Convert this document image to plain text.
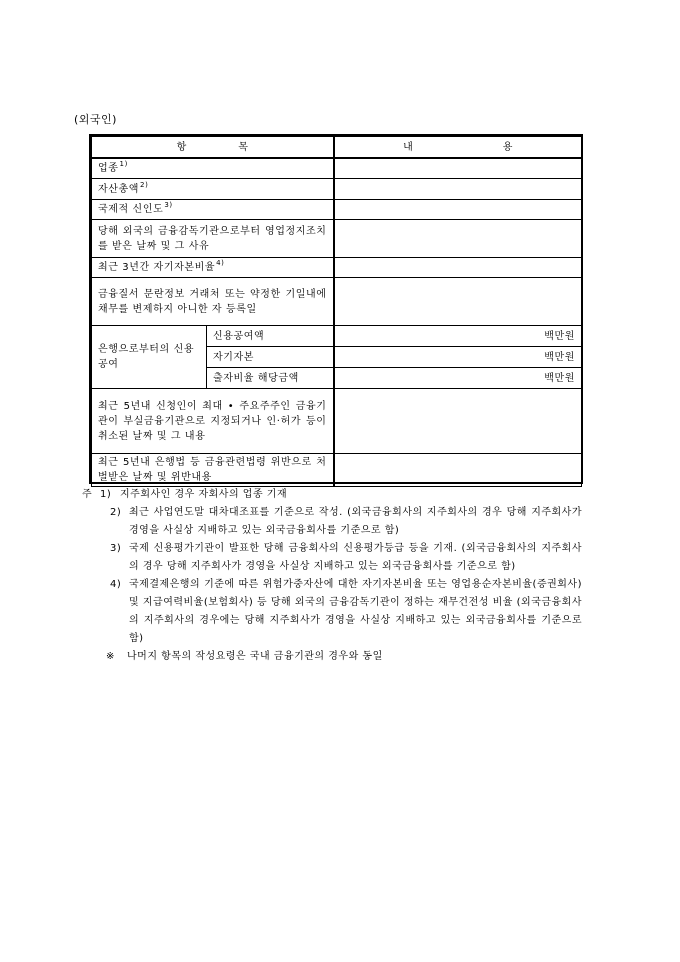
(외국인)
항 목		내 용
업종$^{1)}$	
자산총액$^{2)}$	
국제적 신인도$^{3)}$	
당해 외국의 금융감독기관으로부터 영업정지조치를 받은 날짜 및 그 사유		
최근 3년간 자기자본비율$^{4)}$	
금융질서 문란정보 거래처 또는 약정한 기일내에 채무를 변제하지 아니한 자 등록일		
은행으로부터의 신용공여	신용공여액	백만원
	자기자본	백만원
	출자비율 해당금액	백만원
최근 5년내 신청인이 최대 • 주요주주인 금융기관이 부실금융기관으로 지정되거나 인·허가 등이 취소된 날짜 및 그 내용		
최근 5년내 은행법 등 금융관련법령 위반으로 처벌받은 날짜 및 위반내용		
주 1) 지주회사인 경우 자회사의 업종 기재
2) 최근 사업연도말 대차대조표를 기준으로 작성. (외국금융회사의 지주회사의 경우 당해 지주회사가 경영을 사실상 지배하고 있는 외국금융회사를 기준으로 함)
3) 국제 신용평가기관이 발표한 당해 금융회사의 신용평가등급 등을 기재. (외국금융회사의 지주회사의 경우 당해 지주회사가 경영을 사실상 지배하고 있는 외국금융회사를 기준으로 함)
4) 국제결제은행의 기준에 따른 위험가중자산에 대한 자기자본비율 또는 영업용순자본비율(증권회사) 및 지급여력비율(보험회사) 등 당해 외국의 금융감독기관이 정하는 재무건전성 비율 (외국금융회사의 지주회사의 경우에는 당해 지주회사가 경영을 사실상 지배하고 있는 외국금융회사를 기준으로 함)
※ 나머지 항목의 작성요령은 국내 금융기관의 경우와 동일
